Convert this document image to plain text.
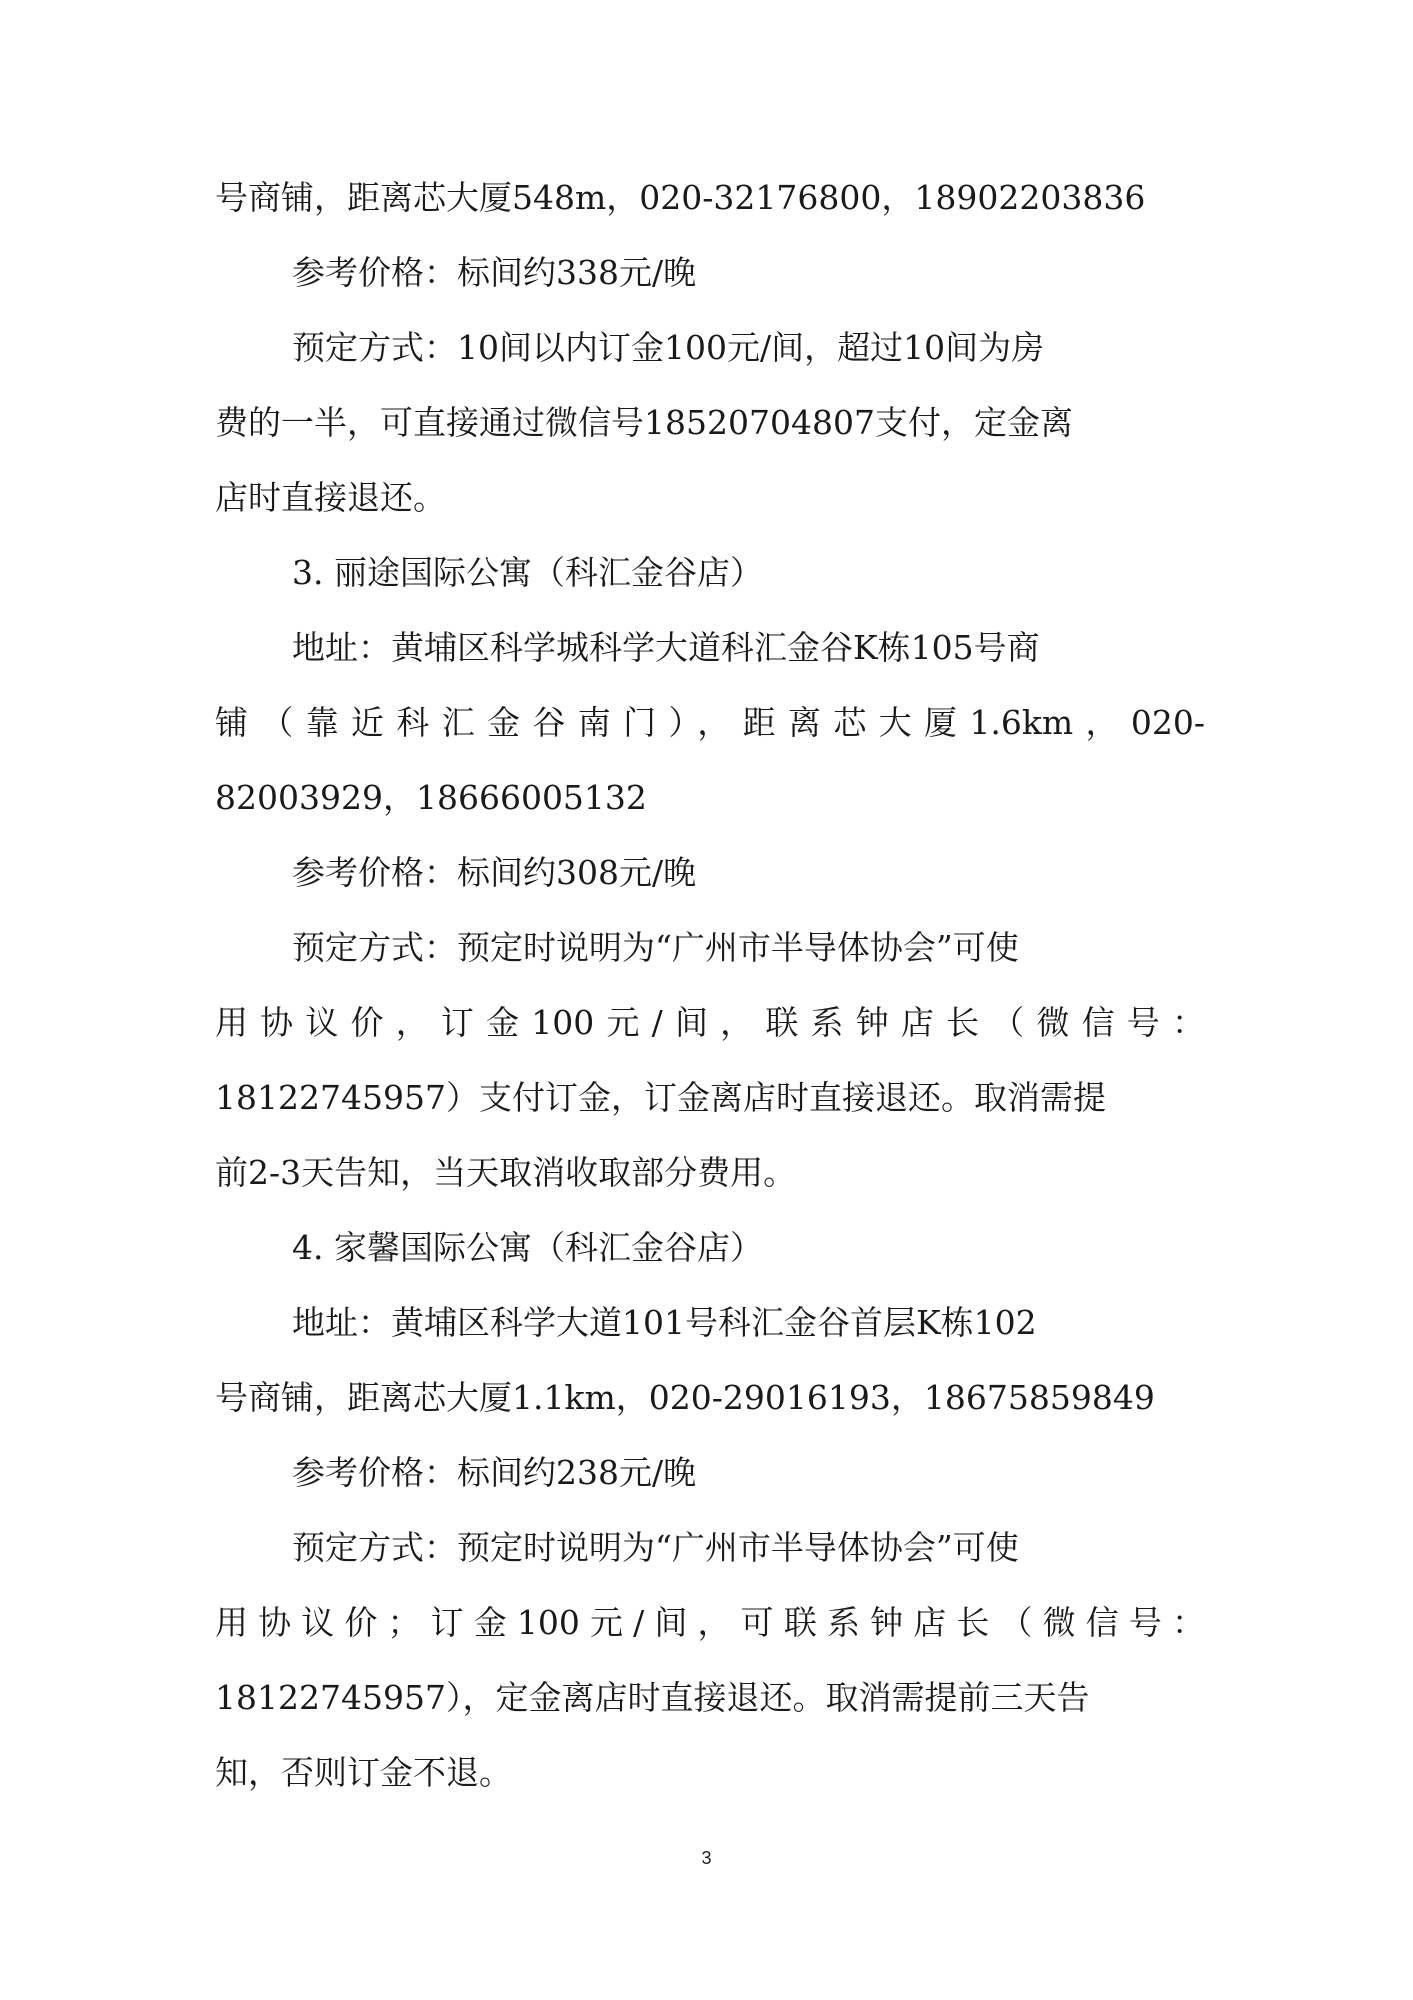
号商铺，距离芯大厦548m，020-32176800，18902203836
参考价格：标间约338元/晚
预定方式：10间以内订金100元/间，超过10间为房
费的一半，可直接通过微信号18520704807支付，定金离
店时直接退还。
3. 丽途国际公寓（科汇金谷店）
地址：黄埔区科学城科学大道科汇金谷K栋105号商
铺（靠近科汇金谷南门），距离芯大厦1.6km，020-
82003929，18666005132
参考价格：标间约308元/晚
预定方式：预定时说明为“广州市半导体协会”可使
用协议价，订金100元/间，联系钟店长（微信号：
18122745957）支付订金，订金离店时直接退还。取消需提
前2-3天告知，当天取消收取部分费用。
4. 家馨国际公寓（科汇金谷店）
地址：黄埔区科学大道101号科汇金谷首层K栋102
号商铺，距离芯大厦1.1km，020-29016193，18675859849
参考价格：标间约238元/晚
预定方式：预定时说明为“广州市半导体协会”可使
用协议价；订金100元/间，可联系钟店长（微信号：
18122745957），定金离店时直接退还。取消需提前三天告
知，否则订金不退。
3
